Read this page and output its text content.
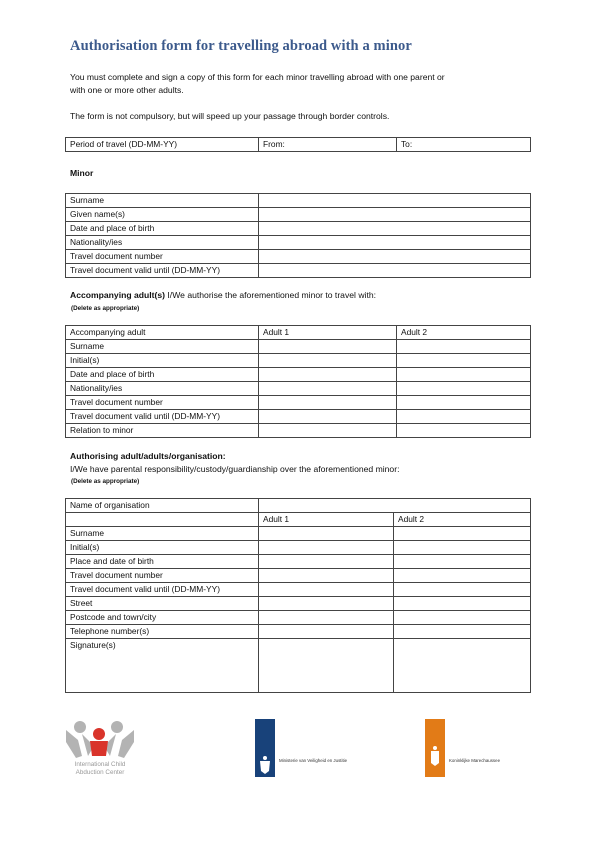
Authorisation form for travelling abroad with a minor
You must complete and sign a copy of this form for each minor travelling abroad with one parent or
with one or more other adults.
The form is not compulsory, but will speed up your passage through border controls.
Period of travel (DD-MM-YY)	From:	To:
Minor
Surname	
Given name(s)	
Date and place of birth	
Nationality/ies	
Travel document number	
Travel document valid until (DD-MM-YY)	
Accompanying adult(s) I/We authorise the aforementioned minor to travel with:
(Delete as appropriate)
Accompanying adult	Adult 1	Adult 2
Surname		
Initial(s)		
Date and place of birth		
Nationality/ies		
Travel document number		
Travel document valid until (DD-MM-YY)		
Relation to minor		
Authorising adult/adults/organisation:
I/We have parental responsibility/custody/guardianship over the aforementioned minor:
(Delete as appropriate)
Name of organisation		
	Adult 1	Adult 2
Surname		
Initial(s)		
Place and date of birth		
Travel document number		
Travel document valid until (DD-MM-YY)		
Street		
Postcode and town/city		
Telephone number(s)		
Signature(s)		
International Child
Abduction Center
Ministerie van Veiligheid en Justitie	Koninklijke Marechaussee
